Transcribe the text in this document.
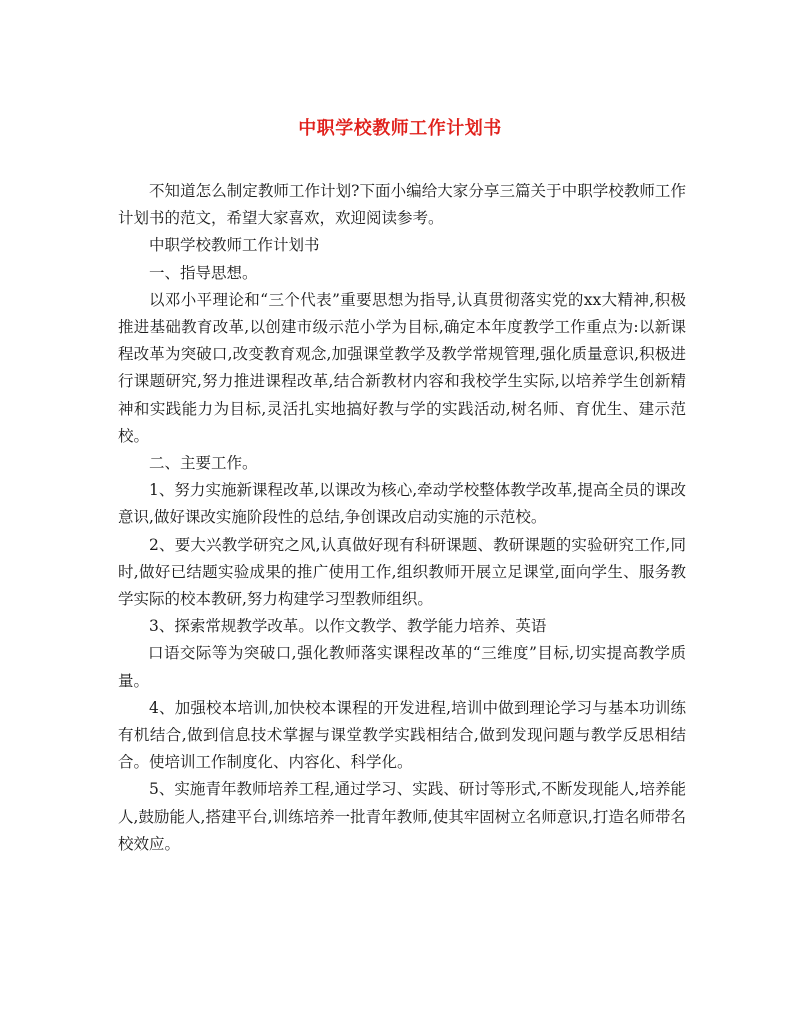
中职学校教师工作计划书

不知道怎么制定教师工作计划?下面小编给大家分享三篇关于中职学校教师工作计划书的范文，希望大家喜欢，欢迎阅读参考。

中职学校教师工作计划书

一、指导思想。

以邓小平理论和“三个代表”重要思想为指导,认真贯彻落实党的xx大精神,积极推进基础教育改革,以创建市级示范小学为目标,确定本年度教学工作重点为:以新课程改革为突破口,改变教育观念,加强课堂教学及教学常规管理,强化质量意识,积极进行课题研究,努力推进课程改革,结合新教材内容和我校学生实际,以培养学生创新精神和实践能力为目标,灵活扎实地搞好教与学的实践活动,树名师、育优生、建示范校。

二、主要工作。

1、努力实施新课程改革,以课改为核心,牵动学校整体教学改革,提高全员的课改意识,做好课改实施阶段性的总结,争创课改启动实施的示范校。

2、要大兴教学研究之风,认真做好现有科研课题、教研课题的实验研究工作,同时,做好已结题实验成果的推广使用工作,组织教师开展立足课堂,面向学生、服务教学实际的校本教研,努力构建学习型教师组织。

3、探索常规教学改革。以作文教学、教学能力培养、英语

口语交际等为突破口,强化教师落实课程改革的“三维度”目标,切实提高教学质量。

4、加强校本培训,加快校本课程的开发进程,培训中做到理论学习与基本功训练有机结合,做到信息技术掌握与课堂教学实践相结合,做到发现问题与教学反思相结合。使培训工作制度化、内容化、科学化。

5、实施青年教师培养工程,通过学习、实践、研讨等形式,不断发现能人,培养能人,鼓励能人,搭建平台,训练培养一批青年教师,使其牢固树立名师意识,打造名师带名校效应。
